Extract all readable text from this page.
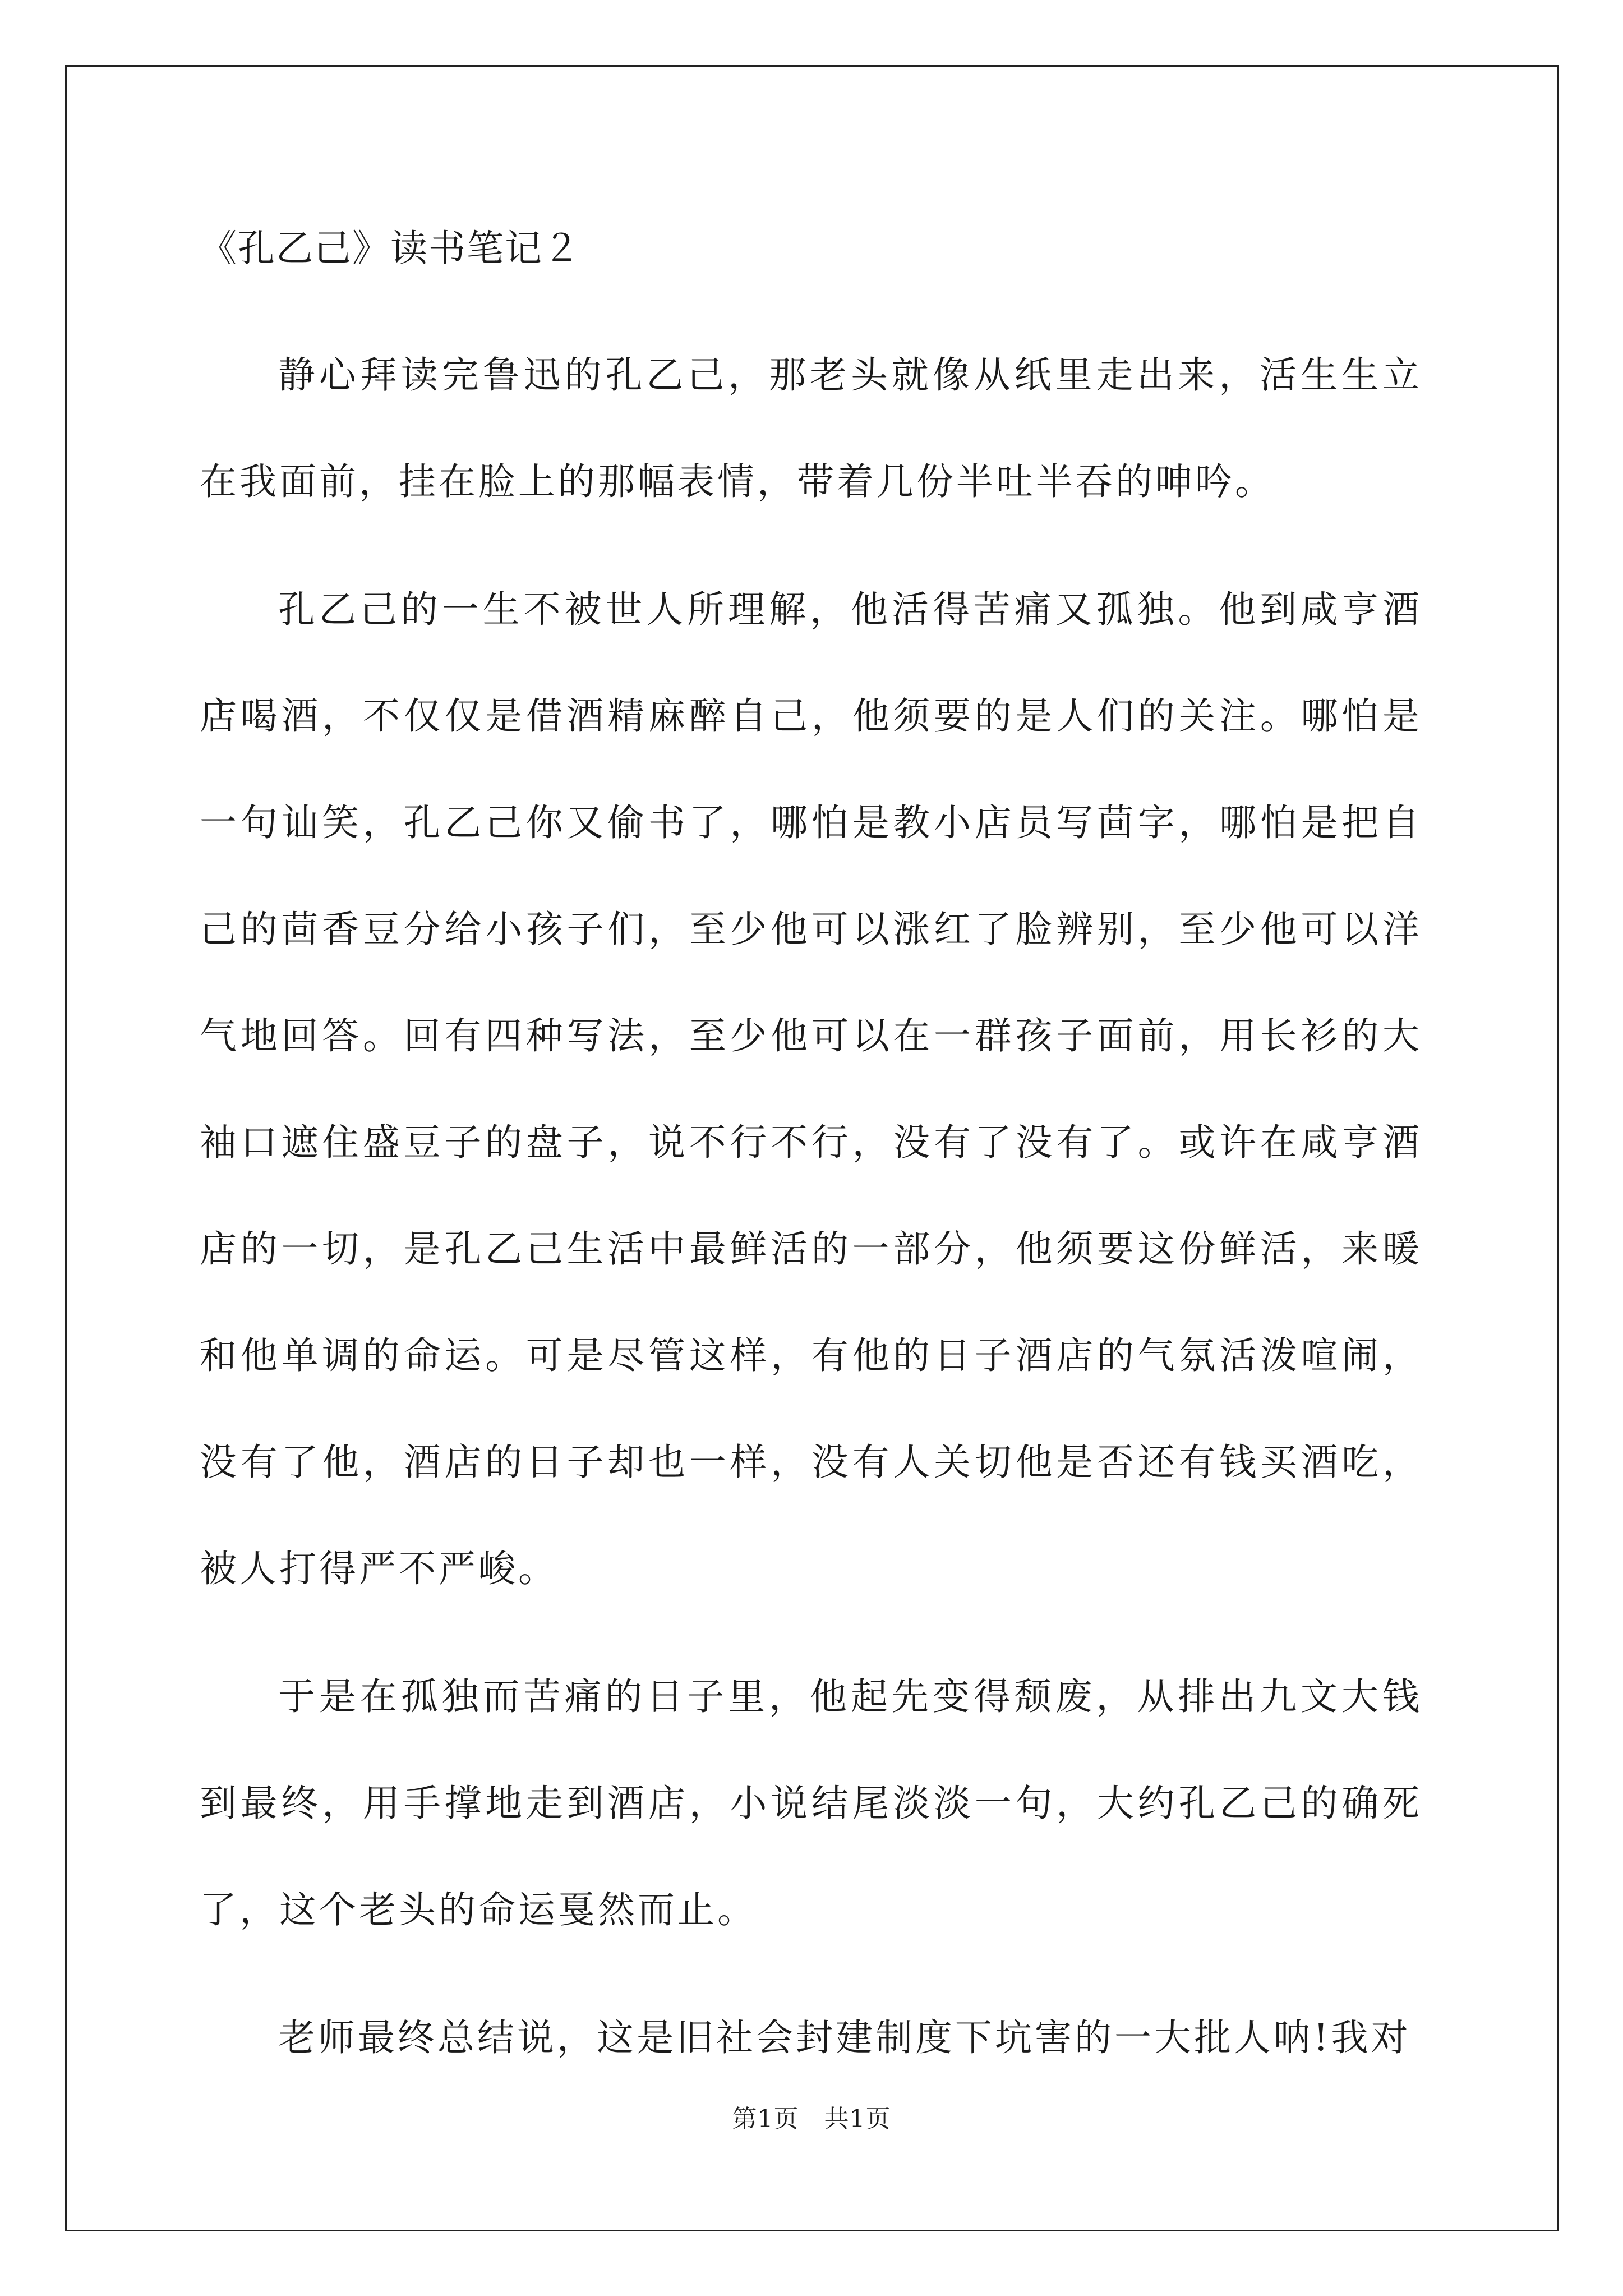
《孔乙己》读书笔记２

静心拜读完鲁迅的孔乙己，那老头就像从纸里走出来，活生生立在我面前，挂在脸上的那幅表情，带着几份半吐半吞的呻吟。

孔乙己的一生不被世人所理解，他活得苦痛又孤独。他到咸亨酒店喝酒，不仅仅是借酒精麻醉自己，他须要的是人们的关注。哪怕是一句讪笑，孔乙己你又偷书了，哪怕是教小店员写茴字，哪怕是把自己的茴香豆分给小孩子们，至少他可以涨红了脸辨别，至少他可以洋气地回答。回有四种写法，至少他可以在一群孩子面前，用长衫的大袖口遮住盛豆子的盘子，说不行不行，没有了没有了。或许在咸亨酒店的一切，是孔乙己生活中最鲜活的一部分，他须要这份鲜活，来暖和他单调的命运。可是尽管这样，有他的日子酒店的气氛活泼喧闹，没有了他，酒店的日子却也一样，没有人关切他是否还有钱买酒吃，被人打得严不严峻。

于是在孤独而苦痛的日子里，他起先变得颓废，从排出九文大钱到最终，用手撑地走到酒店，小说结尾淡淡一句，大约孔乙己的确死了，这个老头的命运戛然而止。

老师最终总结说，这是旧社会封建制度下坑害的一大批人呐!我对

第1页　共1页
